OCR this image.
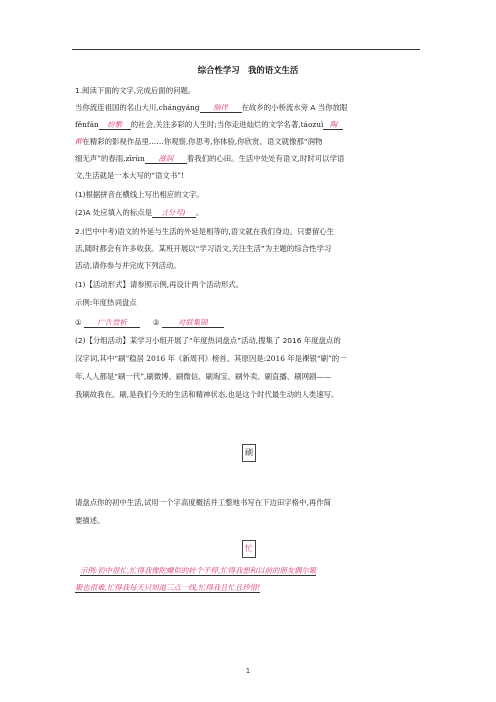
综合性学习　我的语文生活
1.阅读下面的文字,完成后面的问题。
当你流连祖国的名山大川,chángyáng 徜徉 在故乡的小桥流水旁 A 当你放眼
fēnfán 纷繁 的社会,关注多彩的人生时;当你走进灿烂的文学名著,táozuì 陶
醉在精彩的影视作品里……你观察,你思考,你体验,你欣赏。语文就像那“润物
细无声”的春雨,zīrùn 滋润 着我们的心田。生活中处处有语文,时时可以学语
文,生活就是一本大写的“语文书”!
(1)根据拼音在横线上写出相应的文字。
(2)A 处应填入的标点是 ;(分号) 。
2.(巴中中考)语文的外延与生活的外延是相等的,语文就在我们身边。只要留心生
活,随时都会有许多收获。某班开展以“学习语文,关注生活”为主题的综合性学习
活动,请你参与并完成下列活动。
(1)【活动形式】请参照示例,再设计两个活动形式。
示例:年度热词盘点
① 广告赏析	②	对联集锦
(2)【分组活动】某学习小组开展了“年度热词盘点”活动,搜集了 2016 年度盘点的
汉字词,其中“刷”稳居 2016 年《新周刊》榜首。其原因是:2016 年是祼银“刷”的一
年,人人都是“刷一代”,刷微博、刷微信、刷淘宝、刷外卖、刷直播、刷网剧——
我刷故我在。刷,是我们今天的生活和精神状态,也是这个时代最生动的人类速写。
刷
请盘点你的初中生活,试用一个字高度概括并工整地书写在下边田字格中,再作简
要描述。
忙
示例:初中很忙,忙得我像陀螺似的转个不停,忙得我想和以前的朋友偶尔聚
聚也很难,忙得我每天只知道三点一线,忙得我且忙且珍惜!
1
